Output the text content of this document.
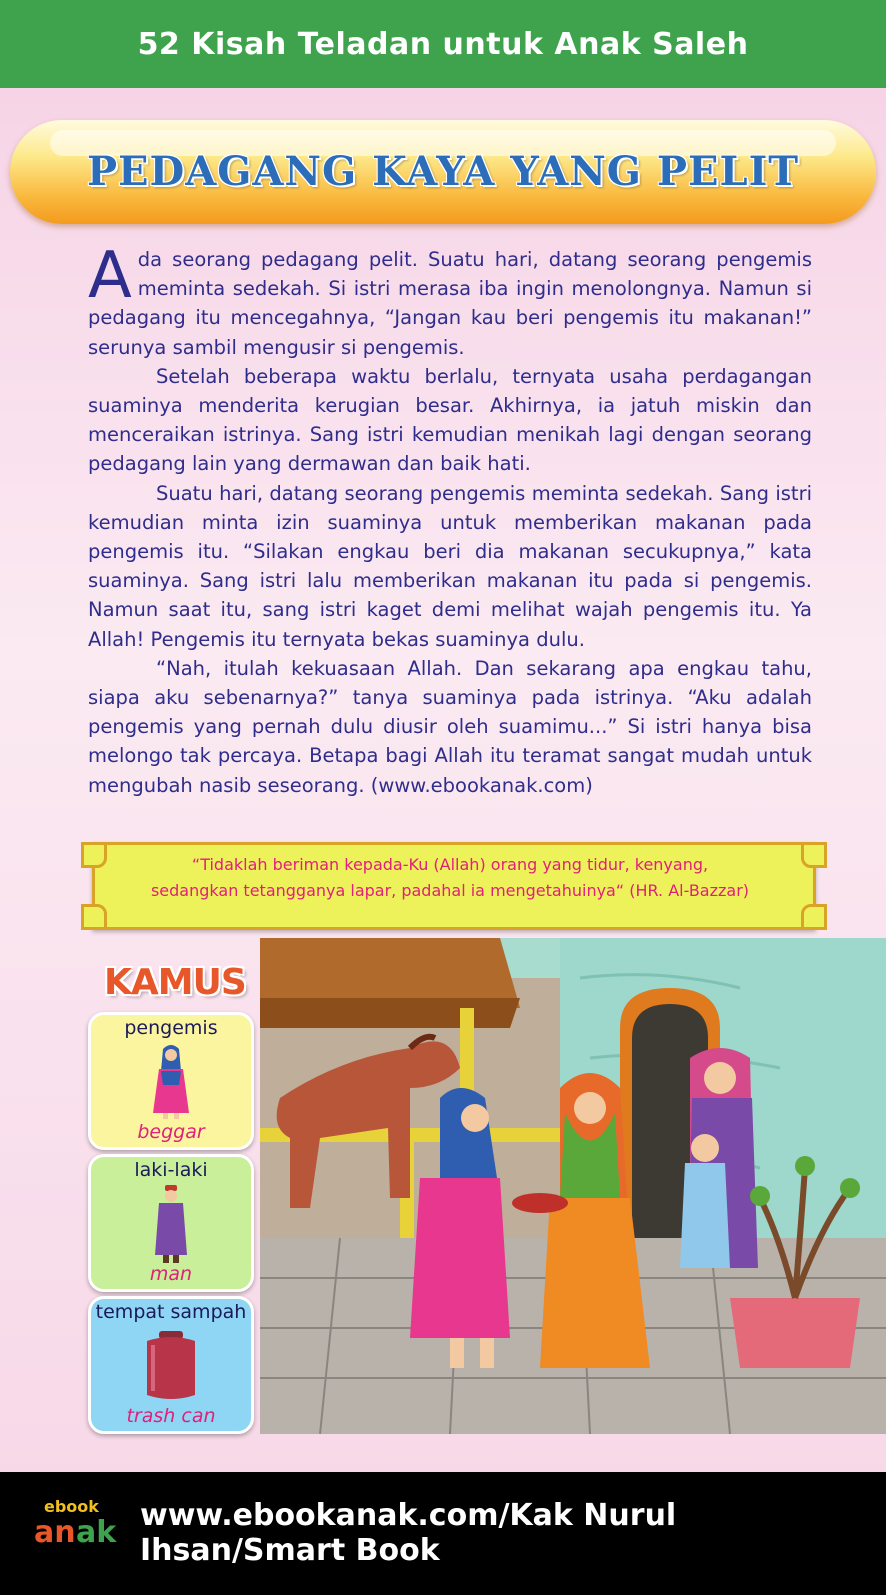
52 Kisah Teladan untuk Anak Saleh
PEDAGANG KAYA YANG PELIT

Ada seorang pedagang pelit. Suatu hari, datang seorang pengemis meminta sedekah. Si istri merasa iba ingin menolongnya. Namun si pedagang itu mencegahnya, “Jangan kau beri pengemis itu makanan!” serunya sambil mengusir si pengemis.

Setelah beberapa waktu berlalu, ternyata usaha perdagangan suaminya menderita kerugian besar. Akhirnya, ia jatuh miskin dan menceraikan istrinya. Sang istri kemudian menikah lagi dengan seorang pedagang lain yang dermawan dan baik hati.

Suatu hari, datang seorang pengemis meminta sedekah. Sang istri kemudian minta izin suaminya untuk memberikan makanan pada pengemis itu. “Silakan engkau beri dia makanan secukupnya,” kata suaminya. Sang istri lalu memberikan makanan itu pada si pengemis. Namun saat itu, sang istri kaget demi melihat wajah pengemis itu. Ya Allah! Pengemis itu ternyata bekas suaminya dulu.

“Nah, itulah kekuasaan Allah. Dan sekarang apa engkau tahu, siapa aku sebenarnya?” tanya suaminya pada istrinya. “Aku adalah pengemis yang pernah dulu diusir oleh suamimu...” Si istri hanya bisa melongo tak percaya. Betapa bagi Allah itu teramat sangat mudah untuk mengubah nasib seseorang. (www.ebookanak.com)

“Tidaklah beriman kepada-Ku (Allah) orang yang tidur, kenyang,
sedangkan tetangganya lapar, padahal ia mengetahuinya“ (HR. Al-Bazzar)
KAMUS
pengemis
beggar
laki-laki
man
tempat sampah
trash can
ebook
an ak www.ebookanak.com/Kak Nurul Ihsan/Smart Book
